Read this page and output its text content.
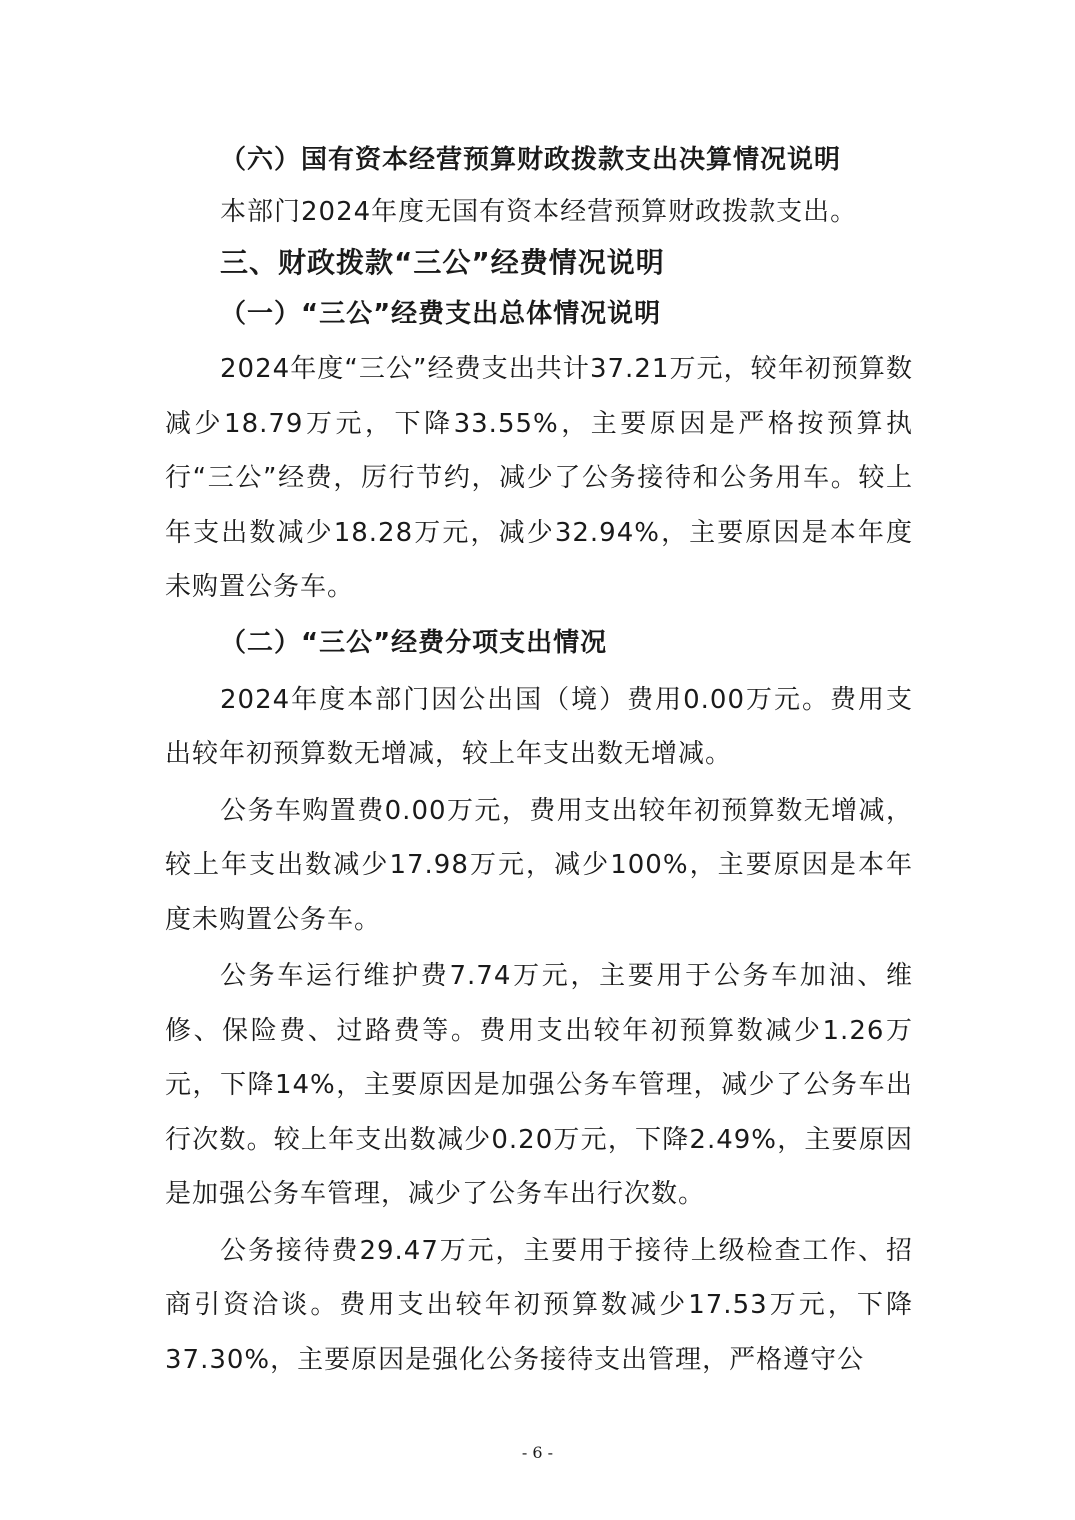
（六）国有资本经营预算财政拨款支出决算情况说明

本部门2024年度无国有资本经营预算财政拨款支出。

三、财政拨款“三公”经费情况说明

（一）“三公”经费支出总体情况说明

2024年度“三公”经费支出共计37.21万元，较年初预算数减少18.79万元，下降33.55%，主要原因是严格按预算执行“三公”经费，厉行节约，减少了公务接待和公务用车。较上年支出数减少18.28万元，减少32.94%，主要原因是本年度未购置公务车。

（二）“三公”经费分项支出情况

2024年度本部门因公出国（境）费用0.00万元。费用支出较年初预算数无增减，较上年支出数无增减。

公务车购置费0.00万元，费用支出较年初预算数无增减，较上年支出数减少17.98万元，减少100%，主要原因是本年度未购置公务车。

公务车运行维护费7.74万元，主要用于公务车加油、维修、保险费、过路费等。费用支出较年初预算数减少1.26万元，下降14%，主要原因是加强公务车管理，减少了公务车出行次数。较上年支出数减少0.20万元，下降2.49%，主要原因是加强公务车管理，减少了公务车出行次数。

公务接待费29.47万元，主要用于接待上级检查工作、招商引资洽谈。费用支出较年初预算数减少17.53万元，下降37.30%，主要原因是强化公务接待支出管理，严格遵守公

- 6 -
